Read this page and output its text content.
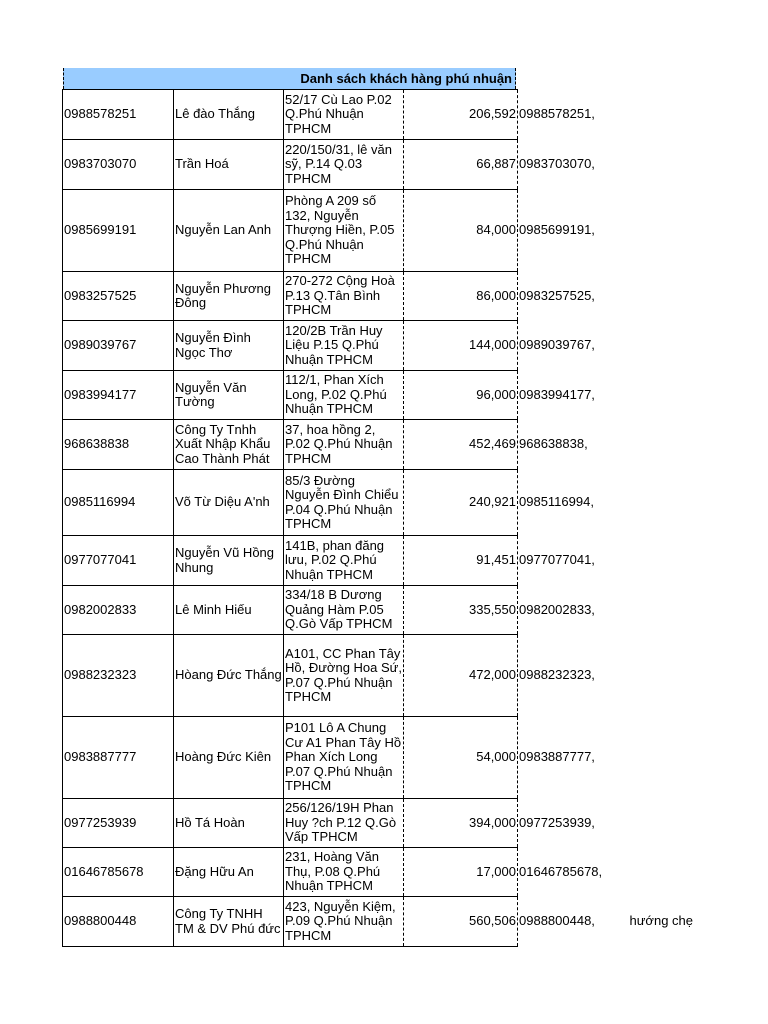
Danh sách khách hàng phú nhuận
0988578251	Lê đào Thắng	52/17 Cù Lao P.02 Q.Phú Nhuận TPHCM	206,592	0988578251,	
0983703070	Trần Hoá	220/150/31, lê văn sỹ, P.14 Q.03 TPHCM	66,887	0983703070,	
0985699191	Nguyễn Lan Anh	Phòng A 209 số 132, Nguyễn Thượng Hiền, P.05 Q.Phú Nhuận TPHCM	84,000	0985699191,	
0983257525	Nguyễn Phương Đông	270-272 Cộng Hoà P.13 Q.Tân Bình TPHCM	86,000	0983257525,	
0989039767	Nguyễn Đình Ngọc Thơ	120/2B Trần Huy Liệu P.15 Q.Phú Nhuận TPHCM	144,000	0989039767,	
0983994177	Nguyễn Văn Tường	112/1, Phan Xích Long, P.02 Q.Phú Nhuận TPHCM	96,000	0983994177,	
968638838	Công Ty Tnhh Xuất Nhập Khẩu Cao Thành Phát	37, hoa hồng 2, P.02 Q.Phú Nhuận TPHCM	452,469	968638838,	
0985116994	Võ Từ Diệu A'nh	85/3 Đường Nguyễn Đình Chiểu P.04 Q.Phú Nhuận TPHCM	240,921	0985116994,	
0977077041	Nguyễn Vũ Hồng Nhung	141B, phan đăng lưu, P.02 Q.Phú Nhuận TPHCM	91,451	0977077041,	
0982002833	Lê Minh Hiếu	334/18 B Dương Quảng Hàm P.05 Q.Gò Vấp TPHCM	335,550	0982002833,	
0988232323	Hòang Đức Thắng	A101, CC Phan Tây Hồ, Đường Hoa Sứ, P.07 Q.Phú Nhuận TPHCM	472,000	0988232323,	
0983887777	Hoàng Đức Kiên	P101 Lô A Chung Cư A1 Phan Tây Hồ Phan Xích Long P.07 Q.Phú Nhuận TPHCM	54,000	0983887777,	
0977253939	Hồ Tá Hoàn	256/126/19H Phan Huy ?ch P.12 Q.Gò Vấp TPHCM	394,000	0977253939,	
01646785678	Đặng Hữu An	231, Hoàng Văn Thụ, P.08 Q.Phú Nhuận TPHCM	17,000	01646785678,	
0988800448	Công Ty TNHH TM & DV Phú đức	423, Nguyễn Kiệm, P.09 Q.Phú Nhuận TPHCM	560,506	0988800448,	hướng chẹ
